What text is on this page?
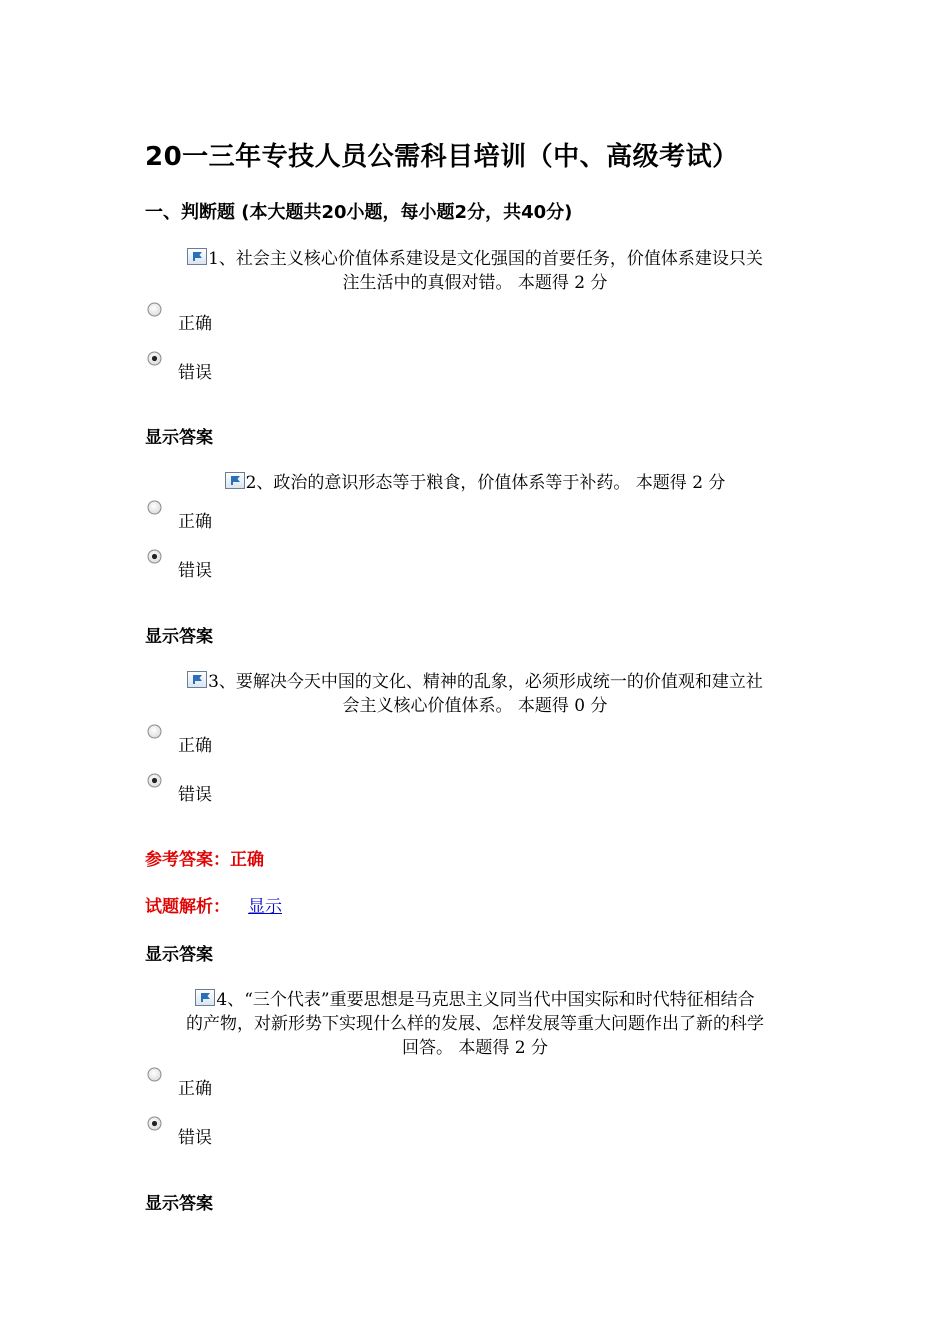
20一三年专技人员公需科目培训（中、高级考试）
一、判断题 (本大题共20小题，每小题2分，共40分)
1、社会主义核心价值体系建设是文化强国的首要任务，价值体系建设只关
注生活中的真假对错。 本题得 2 分
正确
错误
显示答案
2、政治的意识形态等于粮食，价值体系等于补药。 本题得 2 分
正确
错误
显示答案
3、要解决今天中国的文化、精神的乱象，必须形成统一的价值观和建立社
会主义核心价值体系。 本题得 0 分
正确
错误
参考答案：正确
试题解析： 显示
显示答案
4、“三个代表”重要思想是马克思主义同当代中国实际和时代特征相结合
的产物，对新形势下实现什么样的发展、怎样发展等重大问题作出了新的科学
回答。 本题得 2 分
正确
错误
显示答案
